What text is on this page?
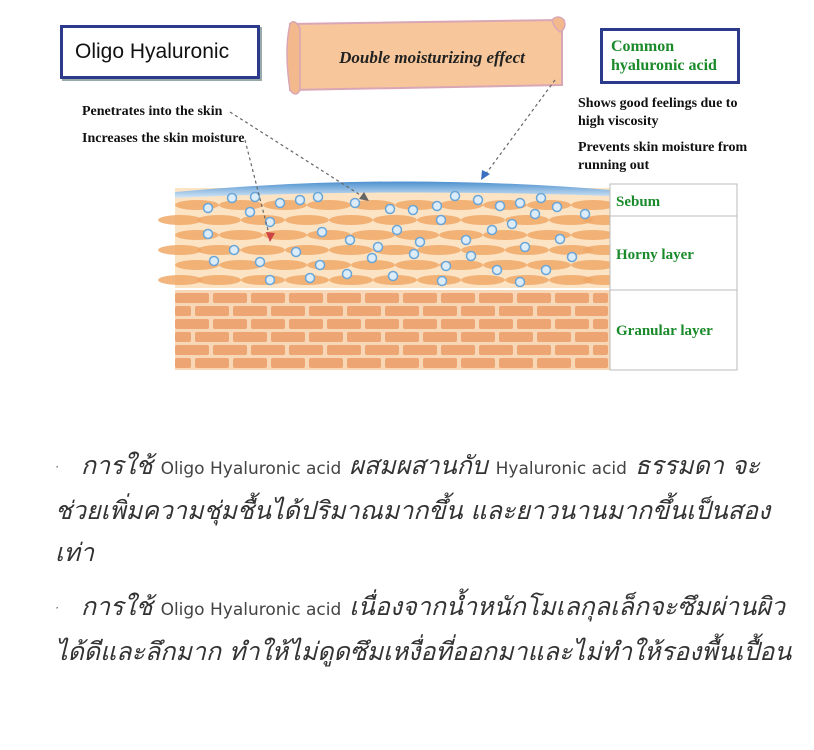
Oligo Hyaluronic	Double moisturizing effect
Common
hyaluronic acid
Penetrates into the skin
Increases the skin moisture
Shows good feelings due to
high viscosity
Prevents skin moisture from
running out
Sebum
Horny layer
Granular layer
· การใช้ Oligo Hyaluronic acid ผสมผสานกับ Hyaluronic acid ธรรมดา จะช่วยเพิ่มความชุ่มชื้นได้ปริมาณมากขึ้น และยาวนานมากขึ้นเป็นสองเท่า
· การใช้ Oligo Hyaluronic acid เนื่องจากน้ำหนักโมเลกุลเล็กจะซึมผ่านผิวได้ดีและลึกมาก ทำให้ไม่ดูดซึมเหงื่อที่ออกมาและไม่ทำให้รองพื้นเปื้อน
